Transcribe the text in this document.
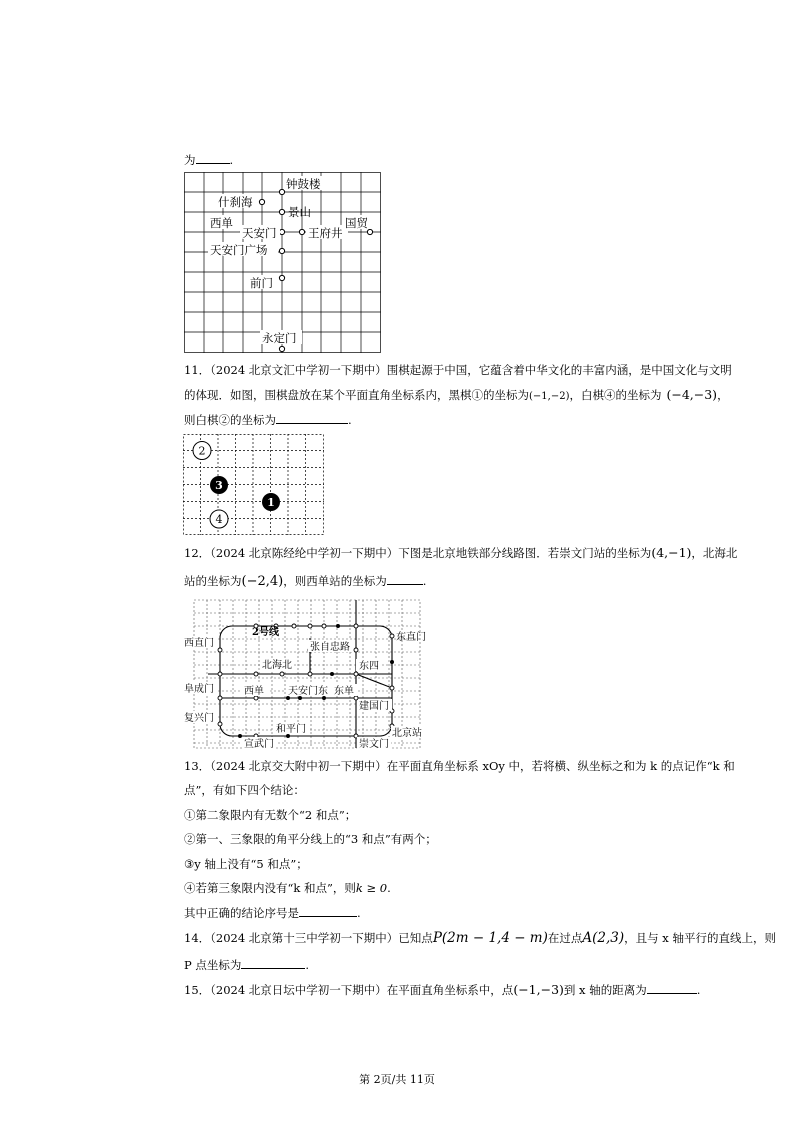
为	.
钟鼓楼
什刹海
景山
西单
天安门	王府井
国贸
天安门广场
前门
永定门
11．（2024 北京文汇中学初一下期中）围棋起源于中国，它蕴含着中华文化的丰富内涵，是中国文化与文明
的体现．如图，围棋盘放在某个平面直角坐标系内，黑棋①的坐标为(−1,−2)，白棋④的坐标为 (−4,−3)，
则白棋②的坐标为	.
2
3
1
4
12．（2024 北京陈经纶中学初一下期中）下图是北京地铁部分线路图．若崇文门站的坐标为(4,−1)，北海北
站的坐标为(−2,4)，则西单站的坐标为	.
2号线
张自忠路
东直门
西直门
东四
北海北
阜成门	西单 天安门东 东单
建国门
复兴门
和平门	北京站
宣武门	崇文门
13．（2024 北京交大附中初一下期中）在平面直角坐标系 xOy 中，若将横、纵坐标之和为 k 的点记作“k 和
点”，有如下四个结论：
①第二象限内有无数个“2 和点”；
②第一、三象限的角平分线上的“3 和点”有两个；
③y 轴上没有“5 和点”；
④若第三象限内没有“k 和点”，则k ≥ 0.
其中正确的结论序号是	.
14．（2024 北京第十三中学初一下期中）已知点P(2m − 1,4 − m)在过点A(2,3)，且与 x 轴平行的直线上，则
P 点坐标为	.
15．（2024 北京日坛中学初一下期中）在平面直角坐标系中，点(−1,−3)到 x 轴的距离为	.
第 2页/共 11页
